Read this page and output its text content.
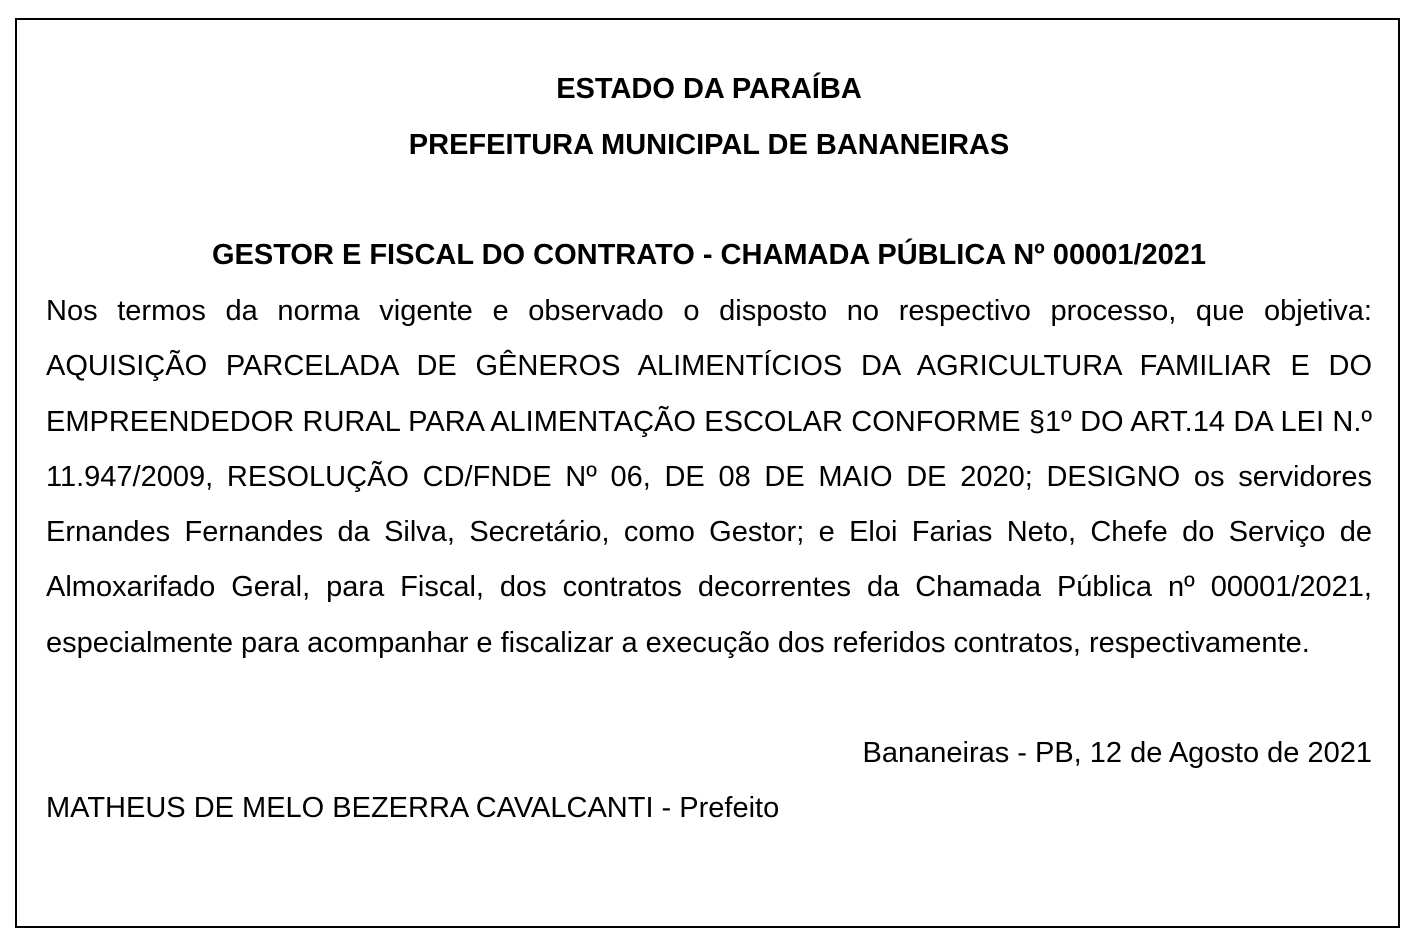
ESTADO DA PARAÍBA
PREFEITURA MUNICIPAL DE BANANEIRAS
GESTOR E FISCAL DO CONTRATO - CHAMADA PÚBLICA Nº 00001/2021
Nos termos da norma vigente e observado o disposto no respectivo processo, que objetiva: AQUISIÇÃO PARCELADA DE GÊNEROS ALIMENTÍCIOS DA AGRICULTURA FAMILIAR E DO EMPREENDEDOR RURAL PARA ALIMENTAÇÃO ESCOLAR CONFORME §1º DO ART.14 DA LEI N.º 11.947/2009, RESOLUÇÃO CD/FNDE Nº 06, DE 08 DE MAIO DE 2020; DESIGNO os servidores Ernandes Fernandes da Silva, Secretário, como Gestor; e Eloi Farias Neto, Chefe do Serviço de Almoxarifado Geral, para Fiscal, dos contratos decorrentes da Chamada Pública nº 00001/2021, especialmente para acompanhar e fiscalizar a execução dos referidos contratos, respectivamente.
Bananeiras - PB, 12 de Agosto de 2021
MATHEUS DE MELO BEZERRA CAVALCANTI - Prefeito
